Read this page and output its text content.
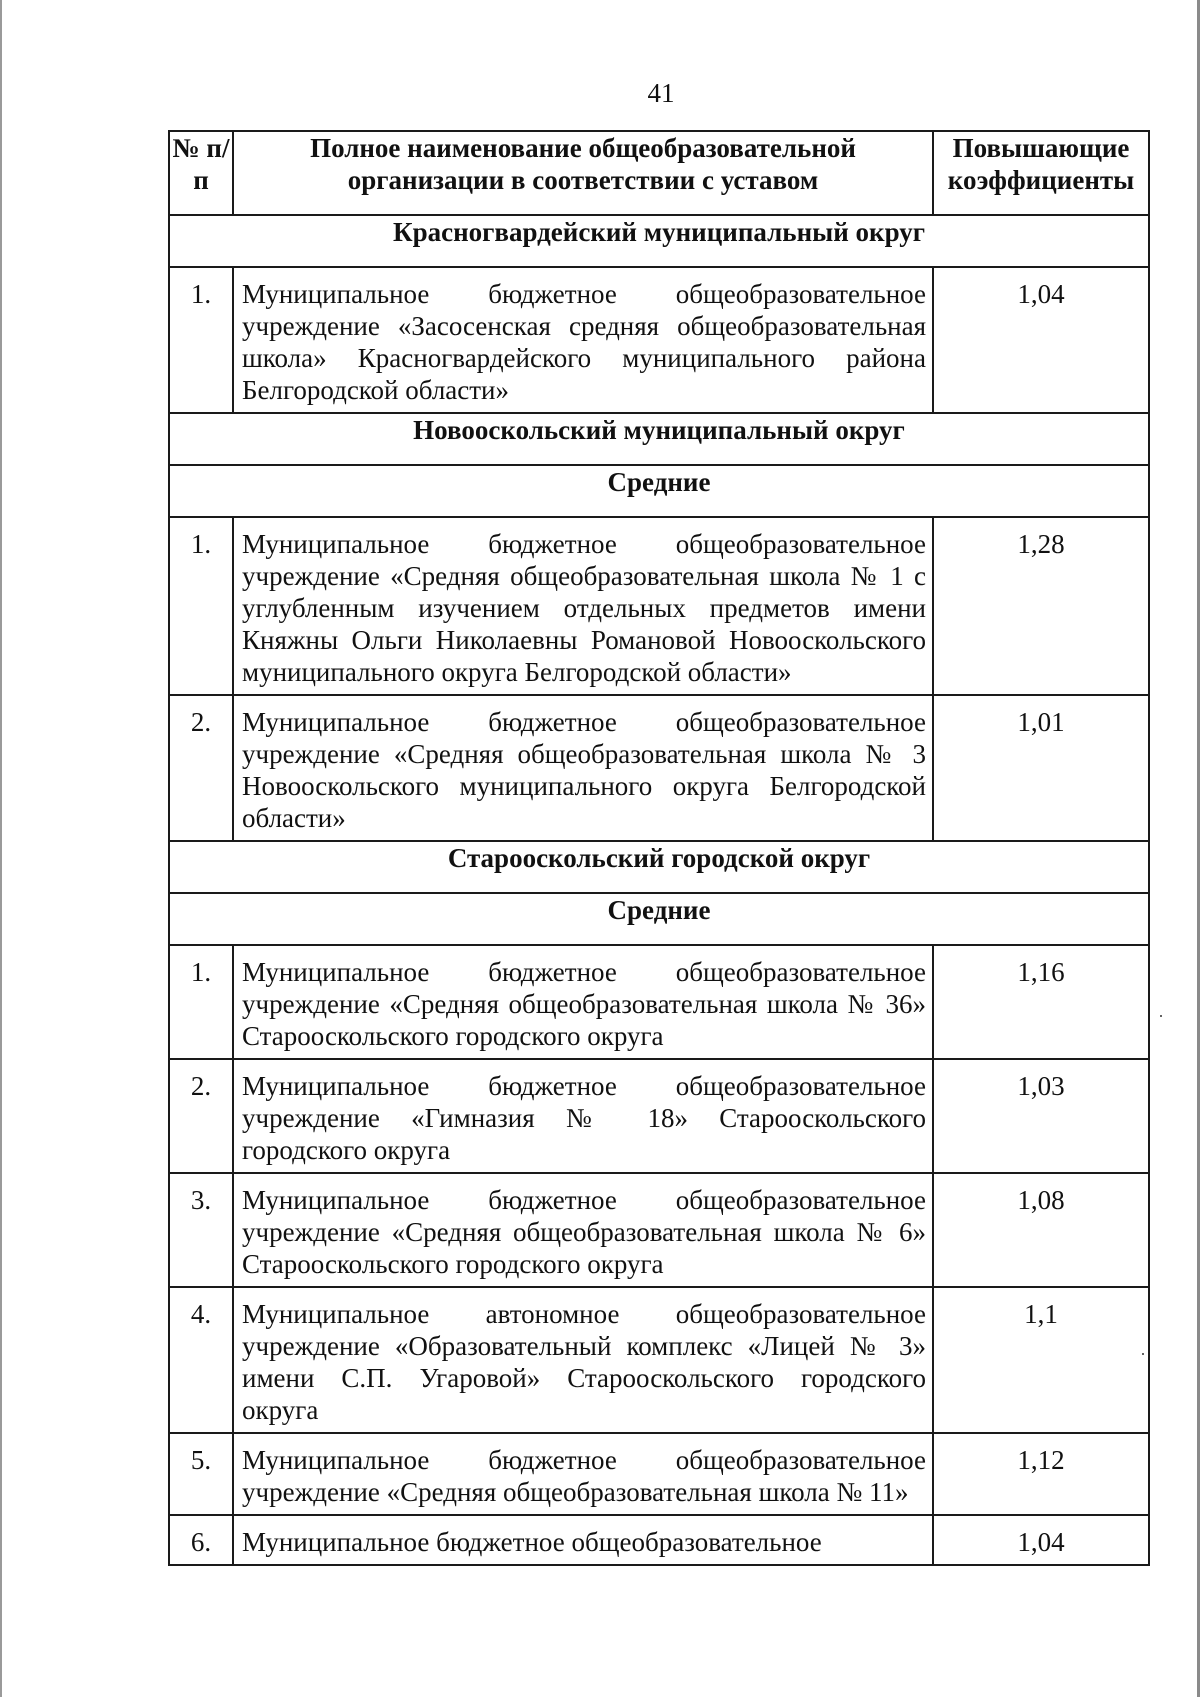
41
№ п/п	Полное наименование общеобразовательной организации в соответствии с уставом	Повышающие коэффициенты
Красногвардейский муниципальный округ		
1.	Муниципальное бюджетное общеобразовательное учреждение «Засосенская средняя общеобразовательная школа» Красногвардейского муниципального района Белгородской области»	1,04
Новооскольский муниципальный округ		
Средние		
1.	Муниципальное бюджетное общеобразовательное учреждение «Средняя общеобразовательная школа № 1 с углубленным изучением отдельных предметов имени Княжны Ольги Николаевны Романовой Новооскольского муниципального округа Белгородской области»	1,28
2.	Муниципальное бюджетное общеобразовательное учреждение «Средняя общеобразовательная школа № 3 Новооскольского муниципального округа Белгородской области»	1,01
Старооскольский городской округ		
Средние		
1.	Муниципальное бюджетное общеобразовательное учреждение «Средняя общеобразовательная школа № 36» Старооскольского городского округа	1,16
2.	Муниципальное бюджетное общеобразовательное учреждение «Гимназия № 18» Старооскольского городского округа	1,03
3.	Муниципальное бюджетное общеобразовательное учреждение «Средняя общеобразовательная школа № 6» Старооскольского городского округа	1,08
4.	Муниципальное автономное общеобразовательное учреждение «Образовательный комплекс «Лицей № 3» имени С.П. Угаровой» Старооскольского городского округа	1,1
5.	Муниципальное бюджетное общеобразовательное учреждение «Средняя общеобразовательная школа № 11»	1,12
6.	Муниципальное бюджетное общеобразовательное	1,04
